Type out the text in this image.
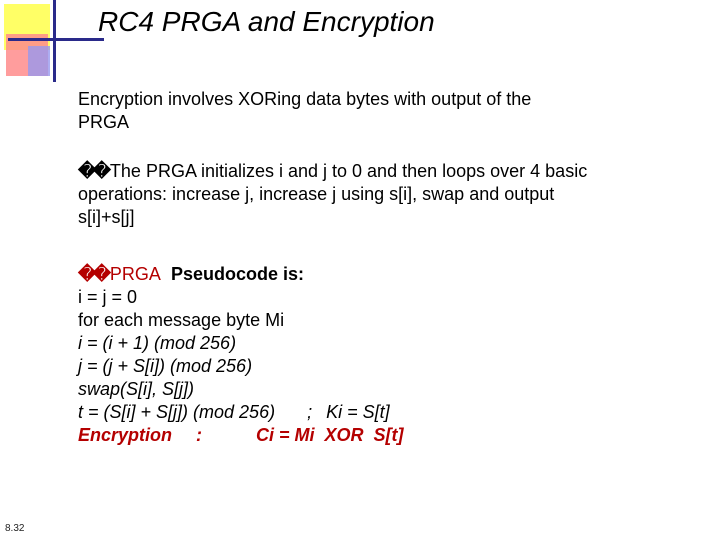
RC4 PRGA and Encryption
Encryption involves XORing data bytes with output of the
PRGA
�� The PRGA initializes i and j to 0 and then loops over 4 basic
operations: increase j, increase j using s[i], swap and output
s[i]+s[j]
�� PRGA  Pseudocode is:
i = j = 0
for each message byte Mi
i = (i + 1) (mod 256)
j = (j + S[i]) (mod 256)
swap(S[i], S[j])
t = (S[i] + S[j]) (mod 256) ; Ki = S[t]
Encryption :	Ci = Mi  XOR  S[t]
8.32
